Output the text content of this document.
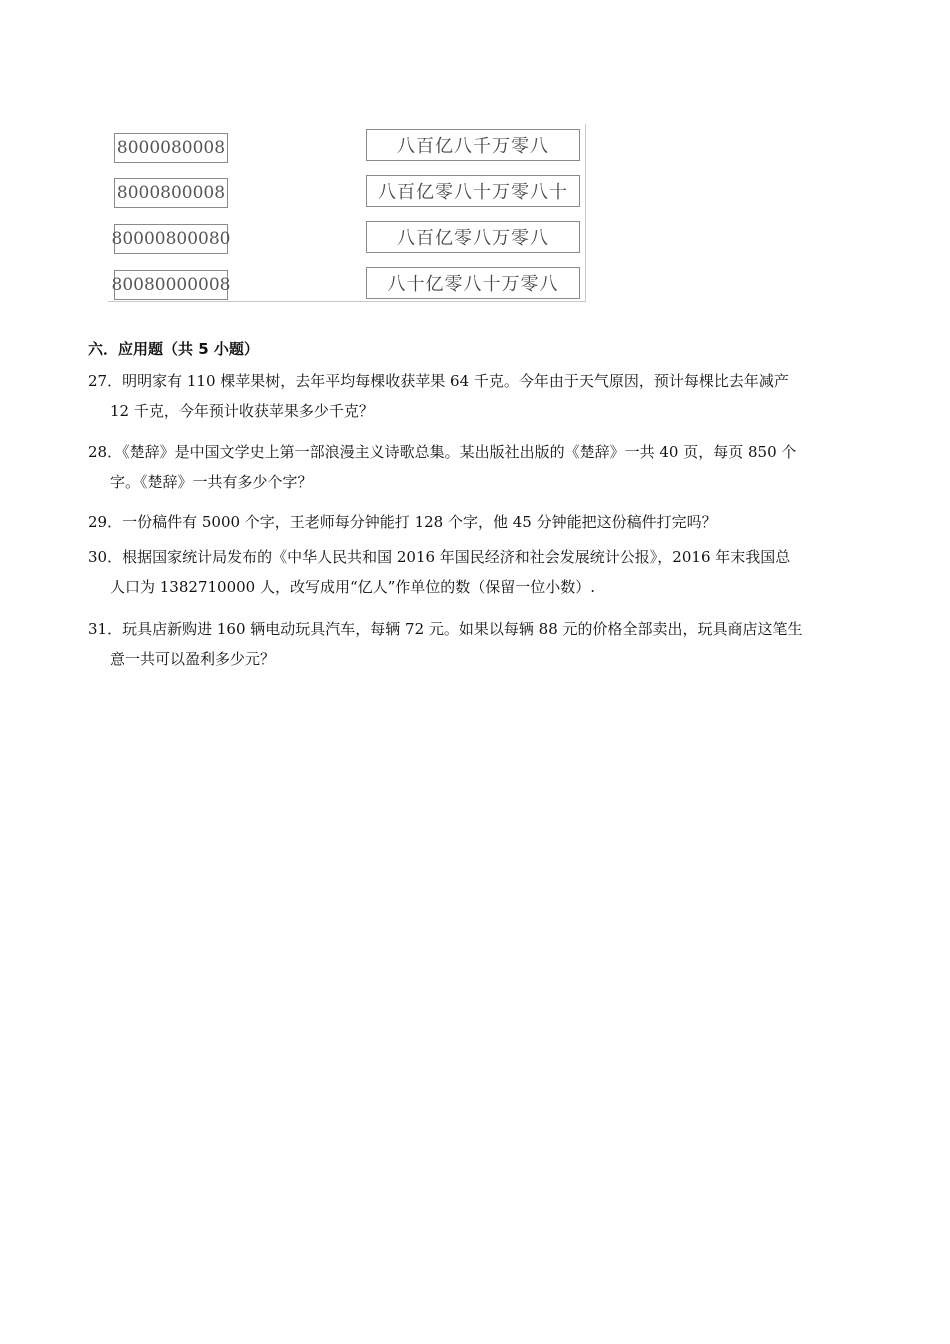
8000080008
8000800008
80000800080
80080000008
八百亿八千万零八
八百亿零八十万零八十
八百亿零八万零八
八十亿零八十万零八
六．应用题（共 5 小题）
27．明明家有 110 棵苹果树，去年平均每棵收获苹果 64 千克。今年由于天气原因，预计每棵比去年减产
12 千克，今年预计收获苹果多少千克？
28．《楚辞》是中国文学史上第一部浪漫主义诗歌总集。某出版社出版的《楚辞》一共 40 页，每页 850 个
字。《楚辞》一共有多少个字？
29．一份稿件有 5000 个字，王老师每分钟能打 128 个字，他 45 分钟能把这份稿件打完吗？
30．根据国家统计局发布的《中华人民共和国 2016 年国民经济和社会发展统计公报》，2016 年末我国总
人口为 1382710000 人，改写成用“亿人”作单位的数（保留一位小数）.
31．玩具店新购进 160 辆电动玩具汽车，每辆 72 元。如果以每辆 88 元的价格全部卖出，玩具商店这笔生
意一共可以盈利多少元？
